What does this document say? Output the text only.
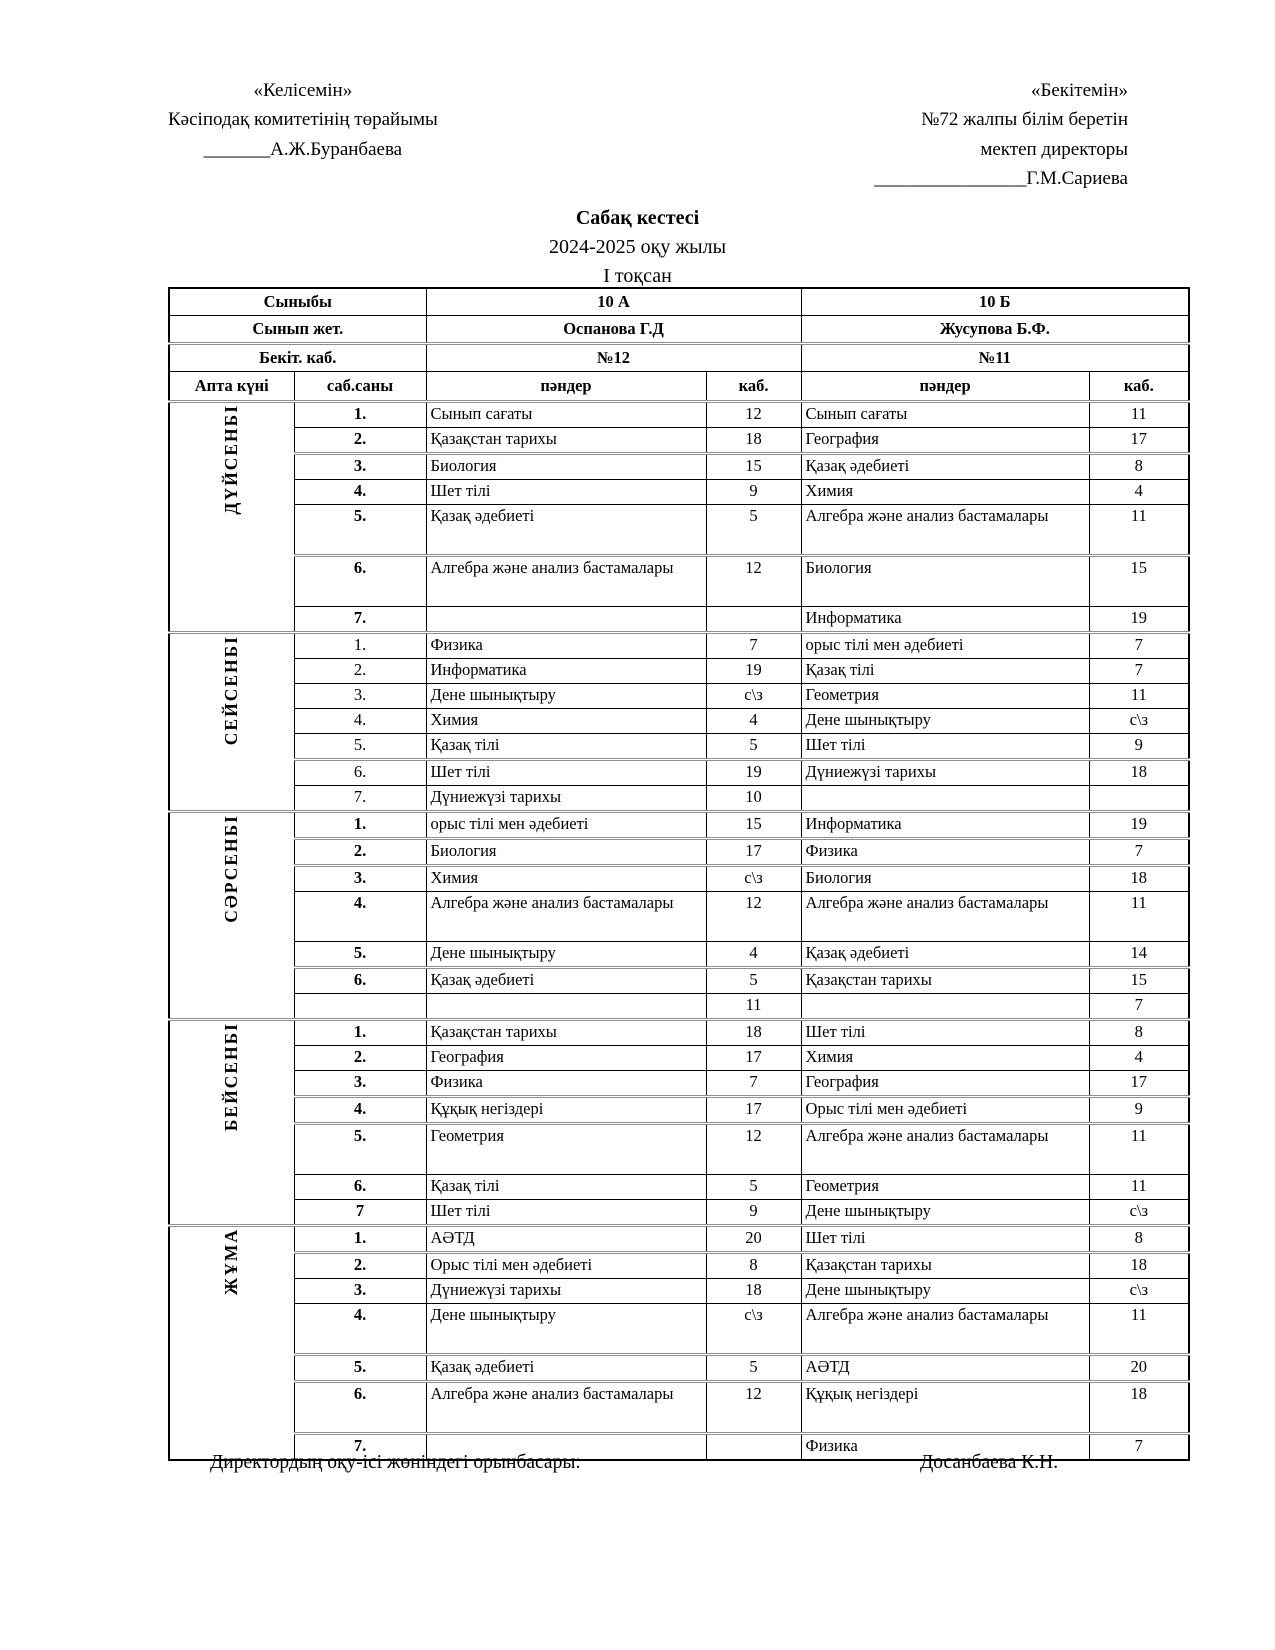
«Келісемін»
Кәсіподақ комитетінің төрайымы
_______А.Ж.Буранбаева
«Бекітемін»
№72 жалпы білім беретін
мектеп директоры
________________Г.М.Сариева
Сабақ кестесі
2024-2025 оқу жылы
І тоқсан
Сыныбы		10 А		10 Б	
Сынып жет.		Оспанова Г.Д		Жусупова Б.Ф.	
Бекіт. каб.		№12		№11	
Апта күні	саб.саны	пәндер	каб.	пәндер	каб.
ДҮЙСЕНБІ	1.	Сынып сағаты	12	Сынып сағаты	11
	2.	Қазақстан тарихы	18	География	17
	3.	Биология	15	Қазақ әдебиеті	8
	4.	Шет тілі	9	Химия	4
	5.	Қазақ әдебиеті	5	Алгебра және анализ бастамалары	11
	6.	Алгебра және анализ бастамалары	12	Биология	15
	7.			Информатика	19
СЕЙСЕНБІ	1.	Физика	7	орыс тілі мен әдебиеті	7
	2.	Информатика	19	Қазақ тілі	7
	3.	Дене шынықтыру	с\з	Геометрия	11
	4.	Химия	4	Дене шынықтыру	с\з
	5.	Қазақ тілі	5	Шет тілі	9
	6.	Шет тілі	19	Дүниежүзі тарихы	18
	7.	Дүниежүзі тарихы	10		
СӘРСЕНБІ	1.	орыс тілі мен әдебиеті	15	Информатика	19
	2.	Биология	17	Физика	7
	3.	Химия	с\з	Биология	18
	4.	Алгебра және анализ бастамалары	12	Алгебра және анализ бастамалары	11
	5.	Дене шынықтыру	4	Қазақ әдебиеті	14
	6.	Қазақ әдебиеті	5	Қазақстан тарихы	15
			11		7
БЕЙСЕНБІ	1.	Қазақстан тарихы	18	Шет тілі	8
	2.	География	17	Химия	4
	3.	Физика	7	География	17
	4.	Құқық негіздері	17	Орыс тілі мен әдебиеті	9
	5.	Геометрия	12	Алгебра және анализ бастамалары	11
	6.	Қазақ тілі	5	Геометрия	11
	7	Шет тілі	9	Дене шынықтыру	с\з
ЖҰМА	1.	АӘТД	20	Шет тілі	8
	2.	Орыс тілі мен әдебиеті	8	Қазақстан тарихы	18
	3.	Дүниежүзі тарихы	18	Дене шынықтыру	с\з
	4.	Дене шынықтыру	с\з	Алгебра және анализ бастамалары	11
	5.	Қазақ әдебиеті	5	АӘТД	20
	6.	Алгебра және анализ бастамалары	12	Құқық негіздері	18
	7.			Физика	7
Директордың оқу-ісі жөніндегі орынбасары:	Досанбаева К.Н.
